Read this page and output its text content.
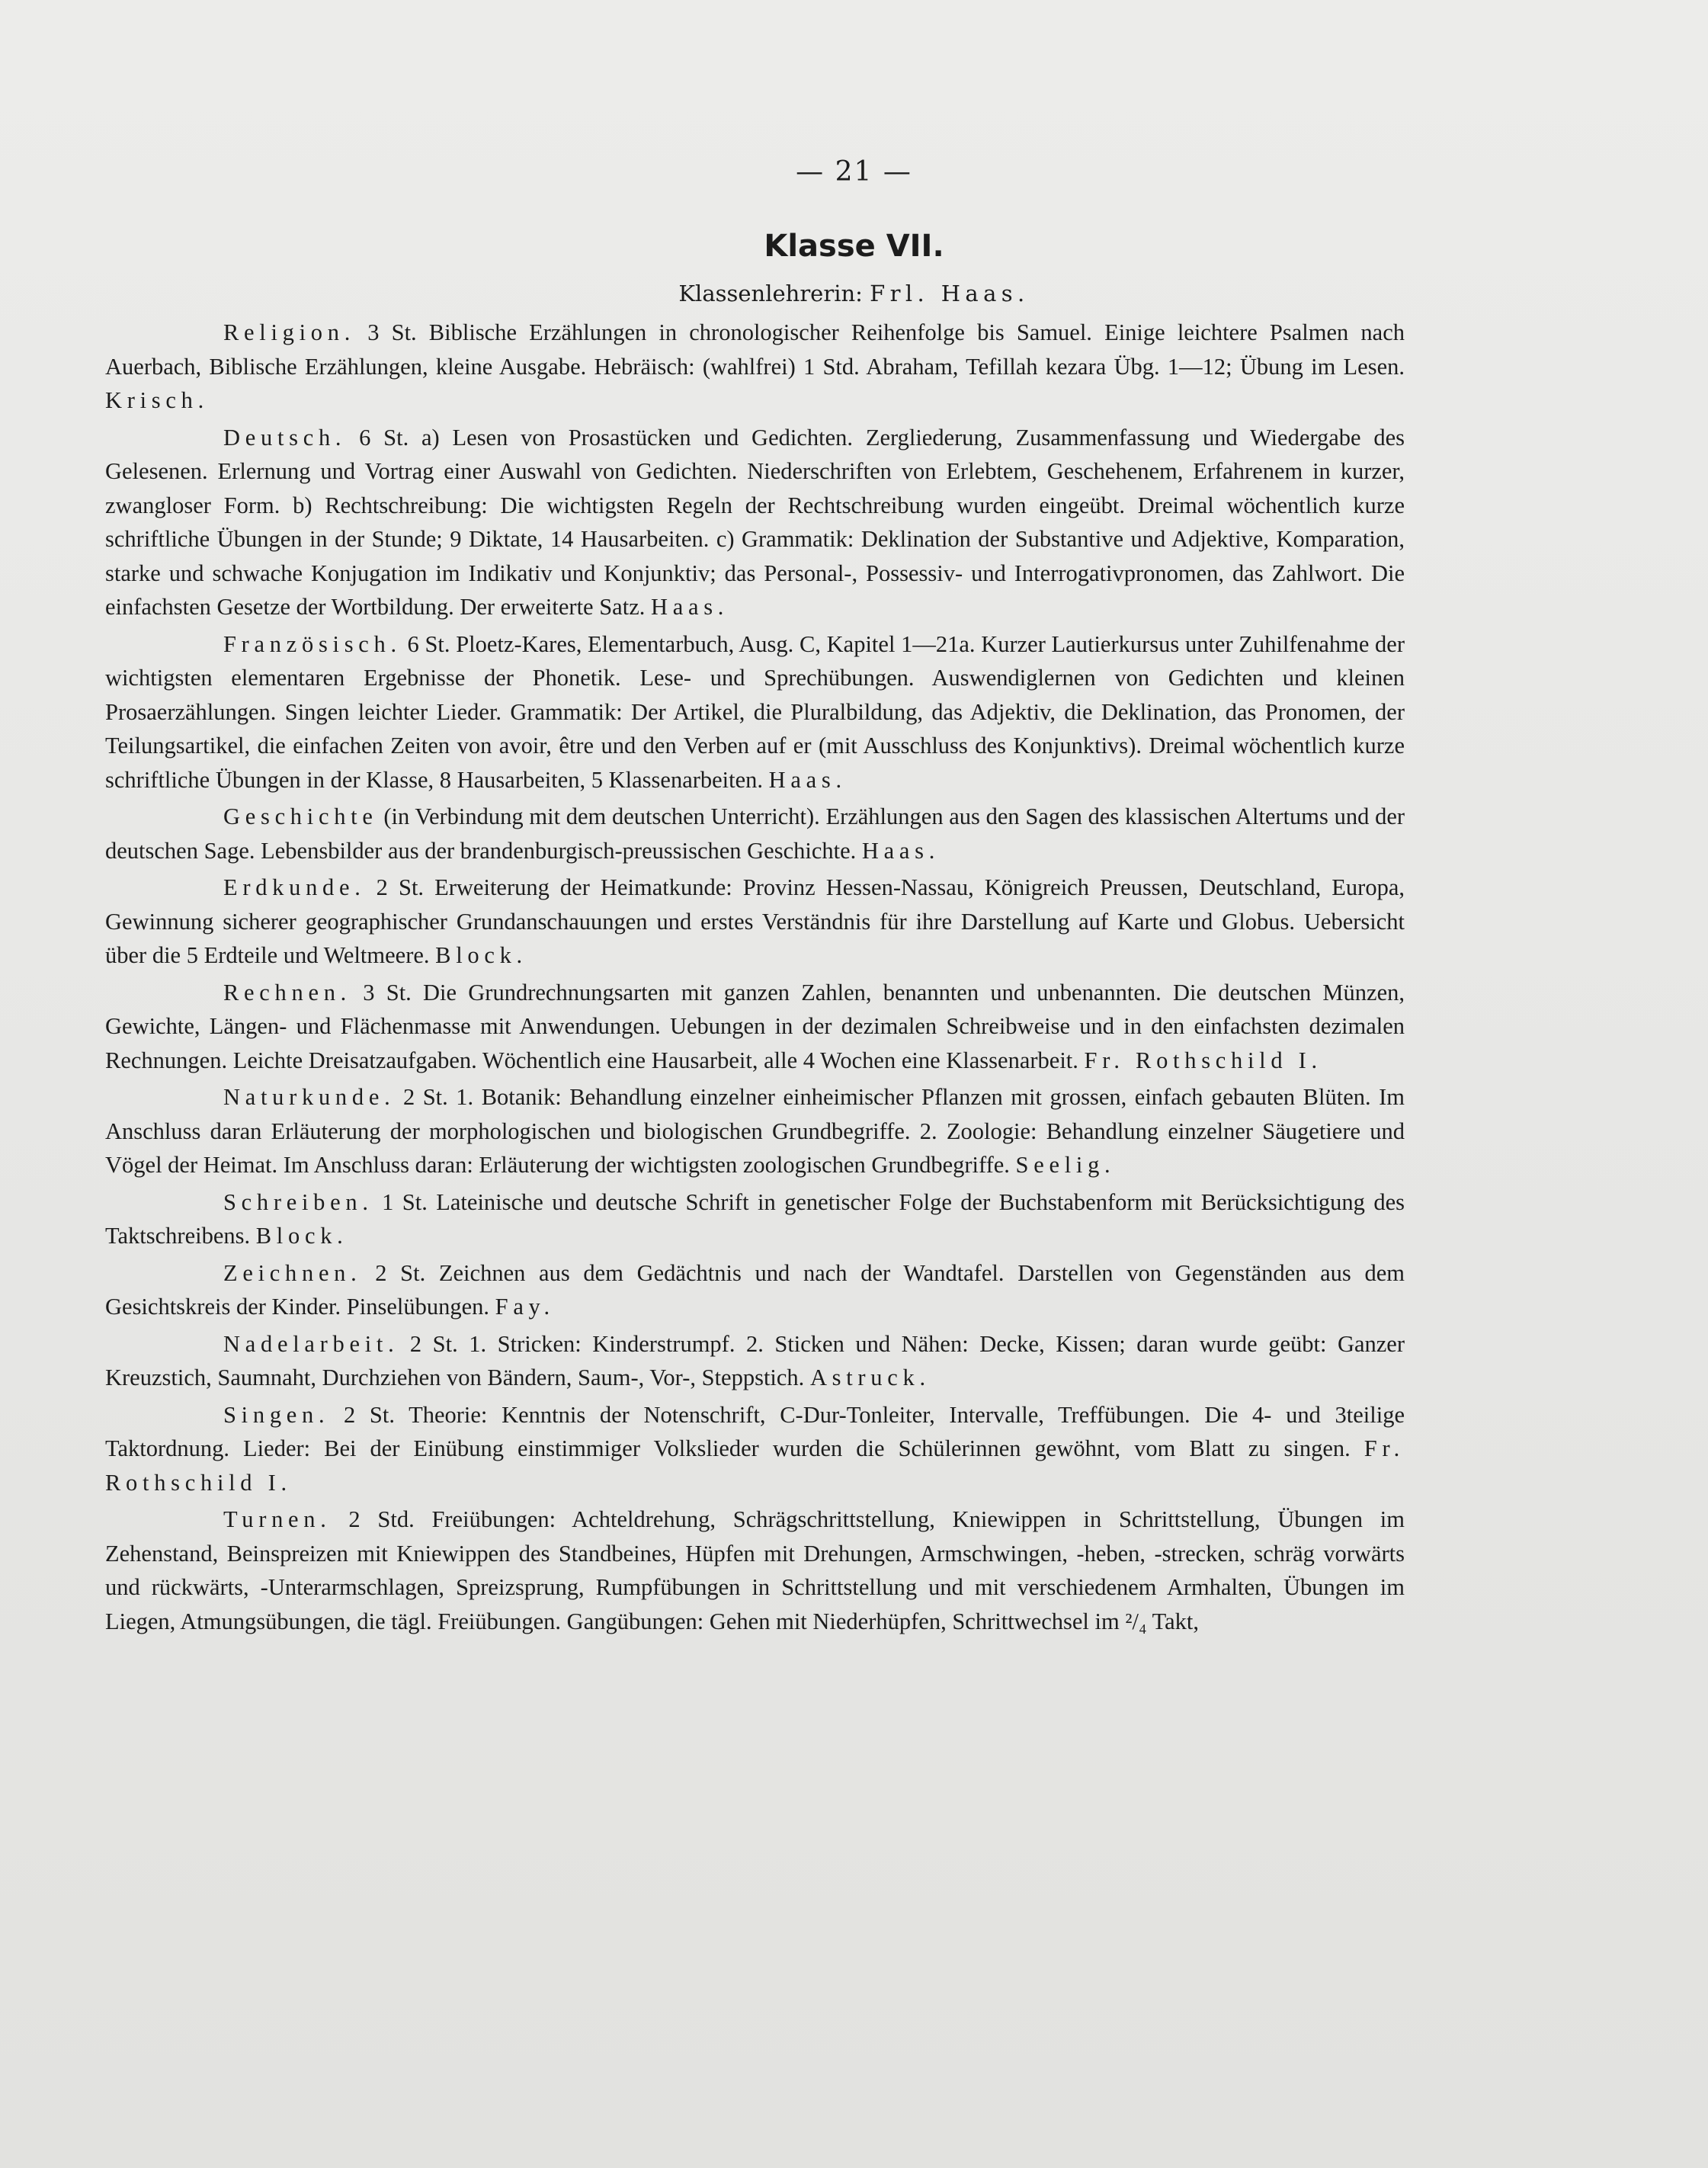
— 21 —
Klasse VII.
Klassenlehrerin: Frl. Haas.

Religion. 3 St. Biblische Erzählungen in chronologischer Reihenfolge bis Samuel. Einige leichtere Psalmen nach Auerbach, Biblische Erzählungen, kleine Ausgabe. Hebräisch: (wahlfrei) 1 Std. Abraham, Tefillah kezara Übg. 1—12; Übung im Lesen. Krisch.

Deutsch. 6 St. a) Lesen von Prosastücken und Gedichten. Zergliederung, Zusammenfassung und Wiedergabe des Gelesenen. Erlernung und Vortrag einer Auswahl von Gedichten. Niederschriften von Erlebtem, Geschehenem, Erfahrenem in kurzer, zwangloser Form. b) Rechtschreibung: Die wichtigsten Regeln der Rechtschreibung wurden eingeübt. Dreimal wöchentlich kurze schriftliche Übungen in der Stunde; 9 Diktate, 14 Hausarbeiten. c) Grammatik: Deklination der Substantive und Adjektive, Komparation, starke und schwache Konjugation im Indikativ und Konjunktiv; das Personal-, Possessiv- und Interrogativpronomen, das Zahlwort. Die einfachsten Gesetze der Wortbildung. Der erweiterte Satz. Haas.

Französisch. 6 St. Ploetz-Kares, Elementarbuch, Ausg. C, Kapitel 1—21a. Kurzer Lautierkursus unter Zuhilfenahme der wichtigsten elementaren Ergebnisse der Phonetik. Lese- und Sprechübungen. Auswendiglernen von Gedichten und kleinen Prosaerzählungen. Singen leichter Lieder. Grammatik: Der Artikel, die Pluralbildung, das Adjektiv, die Deklination, das Pronomen, der Teilungsartikel, die einfachen Zeiten von avoir, être und den Verben auf er (mit Ausschluss des Konjunktivs). Dreimal wöchentlich kurze schriftliche Übungen in der Klasse, 8 Hausarbeiten, 5 Klassenarbeiten. Haas.

Geschichte (in Verbindung mit dem deutschen Unterricht). Erzählungen aus den Sagen des klassischen Altertums und der deutschen Sage. Lebensbilder aus der brandenburgisch-preussischen Geschichte. Haas.

Erdkunde. 2 St. Erweiterung der Heimatkunde: Provinz Hessen-Nassau, Königreich Preussen, Deutschland, Europa, Gewinnung sicherer geographischer Grundanschauungen und erstes Verständnis für ihre Darstellung auf Karte und Globus. Uebersicht über die 5 Erdteile und Weltmeere. Block.

Rechnen. 3 St. Die Grundrechnungsarten mit ganzen Zahlen, benannten und unbenannten. Die deutschen Münzen, Gewichte, Längen- und Flächenmasse mit Anwendungen. Uebungen in der dezimalen Schreibweise und in den einfachsten dezimalen Rechnungen. Leichte Dreisatzaufgaben. Wöchentlich eine Hausarbeit, alle 4 Wochen eine Klassenarbeit. Fr. Rothschild I.

Naturkunde. 2 St. 1. Botanik: Behandlung einzelner einheimischer Pflanzen mit grossen, einfach gebauten Blüten. Im Anschluss daran Erläuterung der morphologischen und biologischen Grundbegriffe. 2. Zoologie: Behandlung einzelner Säugetiere und Vögel der Heimat. Im Anschluss daran: Erläuterung der wichtigsten zoologischen Grundbegriffe. Seelig.

Schreiben. 1 St. Lateinische und deutsche Schrift in genetischer Folge der Buchstabenform mit Berücksichtigung des Taktschreibens. Block.

Zeichnen. 2 St. Zeichnen aus dem Gedächtnis und nach der Wandtafel. Darstellen von Gegenständen aus dem Gesichtskreis der Kinder. Pinselübungen. Fay.

Nadelarbeit. 2 St. 1. Stricken: Kinderstrumpf. 2. Sticken und Nähen: Decke, Kissen; daran wurde geübt: Ganzer Kreuzstich, Saumnaht, Durchziehen von Bändern, Saum-, Vor-, Steppstich. Astruck.

Singen. 2 St. Theorie: Kenntnis der Notenschrift, C-Dur-Tonleiter, Intervalle, Treffübungen. Die 4- und 3teilige Taktordnung. Lieder: Bei der Einübung einstimmiger Volkslieder wurden die Schülerinnen gewöhnt, vom Blatt zu singen. Fr. Rothschild I.

Turnen. 2 Std. Freiübungen: Achteldrehung, Schrägschrittstellung, Kniewippen in Schrittstellung, Übungen im Zehenstand, Beinspreizen mit Kniewippen des Standbeines, Hüpfen mit Drehungen, Armschwingen, -heben, -strecken, schräg vorwärts und rückwärts, -Unterarmschlagen, Spreizsprung, Rumpfübungen in Schrittstellung und mit verschiedenem Armhalten, Übungen im Liegen, Atmungsübungen, die tägl. Freiübungen. Gangübungen: Gehen mit Niederhüpfen, Schrittwechsel im ²/₄ Takt,
